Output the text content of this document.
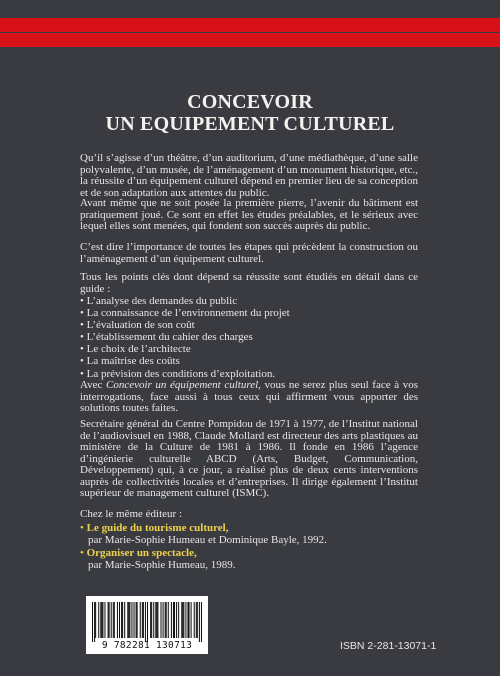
CONCEVOIR
UN EQUIPEMENT CULTUREL
Qu’il s’agisse d’un théâtre, d’un auditorium, d’une médiathèque, d’une salle polyvalente, d’un musée, de l’aménagement d’un monument historique, etc., la réussite d’un équipement culturel dépend en premier lieu de sa conception et de son adaptation aux attentes du public.
Avant même que ne soit posée la première pierre, l’avenir du bâtiment est pratiquement joué. Ce sont en effet les études préalables, et le sérieux avec lequel elles sont menées, qui fondent son succès auprès du public.
C’est dire l’importance de toutes les étapes qui précèdent la construction ou l’aménagement d’un équipement culturel.
Tous les points clés dont dépend sa réussite sont étudiés en détail dans ce guide :
• L’analyse des demandes du public
• La connaissance de l’environnement du projet
• L’évaluation de son coût
• L’établissement du cahier des charges
• Le choix de l’architecte
• La maîtrise des coûts
• La prévision des conditions d’exploitation.
Avec Concevoir un équipement culturel, vous ne serez plus seul face à vos interrogations, face aussi à tous ceux qui affirment vous apporter des solutions toutes faites.
Secrétaire général du Centre Pompidou de 1971 à 1977, de l’Institut national de l’audiovisuel en 1988, Claude Mollard est directeur des arts plastiques au ministère de la Culture de 1981 à 1986. Il fonde en 1986 l’agence d’ingénierie culturelle ABCD (Arts, Budget, Communication, Développement) qui, à ce jour, a réalisé plus de deux cents interventions auprès de collectivités locales et d’entreprises. Il dirige également l’Institut supérieur de management culturel (ISMC).
Chez le même éditeur :
• Le guide du tourisme culturel,
par Marie-Sophie Humeau et Dominique Bayle, 1992.
• Organiser un spectacle,
par Marie-Sophie Humeau, 1989.
9 782281 130713	ISBN 2-281-13071-1
